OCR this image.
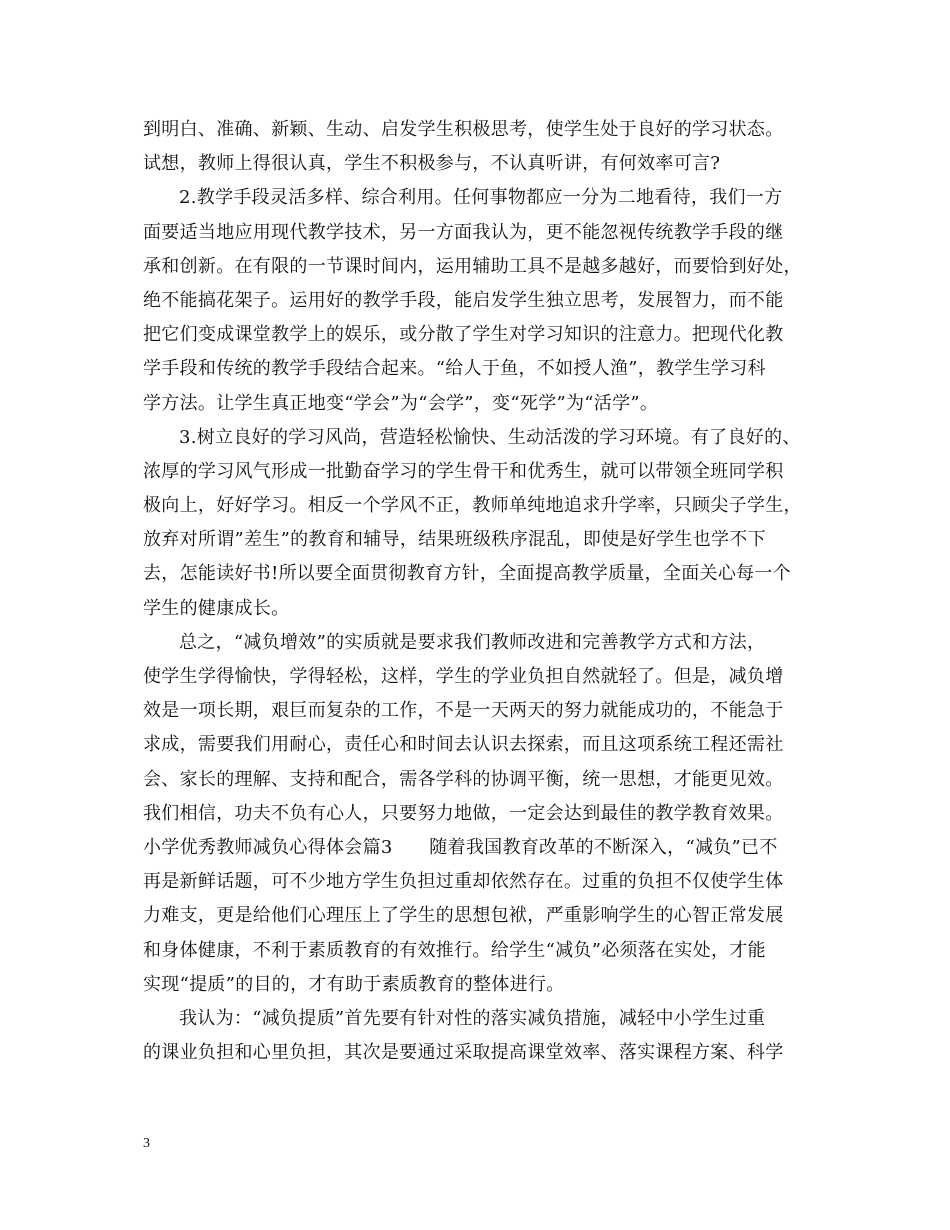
到明白、准确、新颖、生动、启发学生积极思考，使学生处于良好的学习状态。
试想，教师上得很认真，学生不积极参与，不认真听讲，有何效率可言?
2.教学手段灵活多样、综合利用。任何事物都应一分为二地看待，我们一方
面要适当地应用现代教学技术，另一方面我认为，更不能忽视传统教学手段的继
承和创新。在有限的一节课时间内，运用辅助工具不是越多越好，而要恰到好处，
绝不能搞花架子。运用好的教学手段，能启发学生独立思考，发展智力，而不能
把它们变成课堂教学上的娱乐，或分散了学生对学习知识的注意力。把现代化教
学手段和传统的教学手段结合起来。“给人于鱼，不如授人渔”，教学生学习科
学方法。让学生真正地变“学会”为“会学”，变“死学”为“活学”。
3.树立良好的学习风尚，营造轻松愉快、生动活泼的学习环境。有了良好的、
浓厚的学习风气形成一批勤奋学习的学生骨干和优秀生，就可以带领全班同学积
极向上，好好学习。相反一个学风不正，教师单纯地追求升学率，只顾尖子学生，
放弃对所谓”差生”的教育和辅导，结果班级秩序混乱，即使是好学生也学不下
去，怎能读好书!所以要全面贯彻教育方针，全面提高教学质量，全面关心每一个
学生的健康成长。
总之，“减负增效”的实质就是要求我们教师改进和完善教学方式和方法，
使学生学得愉快，学得轻松，这样，学生的学业负担自然就轻了。但是，减负增
效是一项长期，艰巨而复杂的工作，不是一天两天的努力就能成功的，不能急于
求成，需要我们用耐心，责任心和时间去认识去探索，而且这项系统工程还需社
会、家长的理解、支持和配合，需各学科的协调平衡，统一思想，才能更见效。
我们相信，功夫不负有心人，只要努力地做，一定会达到最佳的教学教育效果。
小学优秀教师减负心得体会篇3　　随着我国教育改革的不断深入，“减负”已不
再是新鲜话题，可不少地方学生负担过重却依然存在。过重的负担不仅使学生体
力难支，更是给他们心理压上了学生的思想包袱，严重影响学生的心智正常发展
和身体健康，不利于素质教育的有效推行。给学生“减负”必须落在实处，才能
实现“提质”的目的，才有助于素质教育的整体进行。
我认为：“减负提质”首先要有针对性的落实减负措施，减轻中小学生过重
的课业负担和心里负担，其次是要通过采取提高课堂效率、落实课程方案、科学
3
